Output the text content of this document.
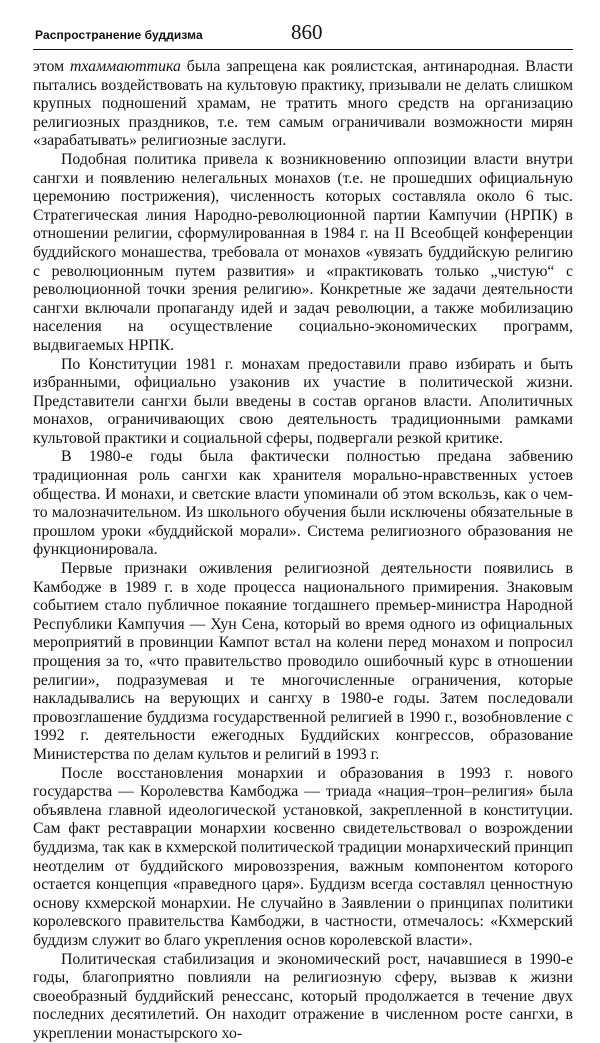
Распространение буддизма	860

этом тхаммаюттика была запрещена как роялистская, антинародная. Власти пытались воздействовать на культовую практику, призывали не делать слишком крупных подношений храмам, не тратить много средств на организацию религиозных праздников, т.е. тем самым ограничивали возможности мирян «зарабатывать» религиозные заслуги.

Подобная политика привела к возникновению оппозиции власти внутри сангхи и появлению нелегальных монахов (т.е. не прошедших официальную церемонию пострижения), численность которых составляла около 6 тыс. Стратегическая линия Народно-революционной партии Кампучии (НРПК) в отношении религии, сформулированная в 1984 г. на II Всеобщей конференции буддийского монашества, требовала от монахов «увязать буддийскую религию с революционным путем развития» и «практиковать только „чистую“ с революционной точки зрения религию». Конкретные же задачи деятельности сангхи включали пропаганду идей и задач революции, а также мобилизацию населения на осуществление социально-экономических программ, выдвигаемых НРПК.

По Конституции 1981 г. монахам предоставили право избирать и быть избранными, официально узаконив их участие в политической жизни. Представители сангхи были введены в состав органов власти. Аполитичных монахов, ограничивающих свою деятельность традиционными рамками культовой практики и социальной сферы, подвергали резкой критике.

В 1980-е годы была фактически полностью предана забвению традиционная роль сангхи как хранителя морально-нравственных устоев общества. И монахи, и светские власти упоминали об этом вскользь, как о чем-то малозначительном. Из школьного обучения были исключены обязательные в прошлом уроки «буддийской морали». Система религиозного образования не функционировала.

Первые признаки оживления религиозной деятельности появились в Камбодже в 1989 г. в ходе процесса национального примирения. Знаковым событием стало публичное покаяние тогдашнего премьер-министра Народной Республики Кампучия — Хун Сена, который во время одного из официальных мероприятий в провинции Кампот встал на колени перед монахом и попросил прощения за то, «что правительство проводило ошибочный курс в отношении религии», подразумевая и те многочисленные ограничения, которые накладывались на верующих и сангху в 1980-е годы. Затем последовали провозглашение буддизма государственной религией в 1990 г., возобновление с 1992 г. деятельности ежегодных Буддийских конгрессов, образование Министерства по делам культов и религий в 1993 г.

После восстановления монархии и образования в 1993 г. нового государства — Королевства Камбоджа — триада «нация–трон–религия» была объявлена главной идеологической установкой, закрепленной в конституции. Сам факт реставрации монархии косвенно свидетельствовал о возрождении буддизма, так как в кхмерской политической традиции монархический принцип неотделим от буддийского мировоззрения, важным компонентом которого остается концепция «праведного царя». Буддизм всегда составлял ценностную основу кхмерской монархии. Не случайно в Заявлении о принципах политики королевского правительства Камбоджи, в частности, отмечалось: «Кхмерский буддизм служит во благо укрепления основ королевской власти».

Политическая стабилизация и экономический рост, начавшиеся в 1990-е годы, благоприятно повлияли на религиозную сферу, вызвав к жизни своеобразный буддийский ренессанс, который продолжается в течение двух последних десятилетий. Он находит отражение в численном росте сангхи, в укреплении монастырского хо-
